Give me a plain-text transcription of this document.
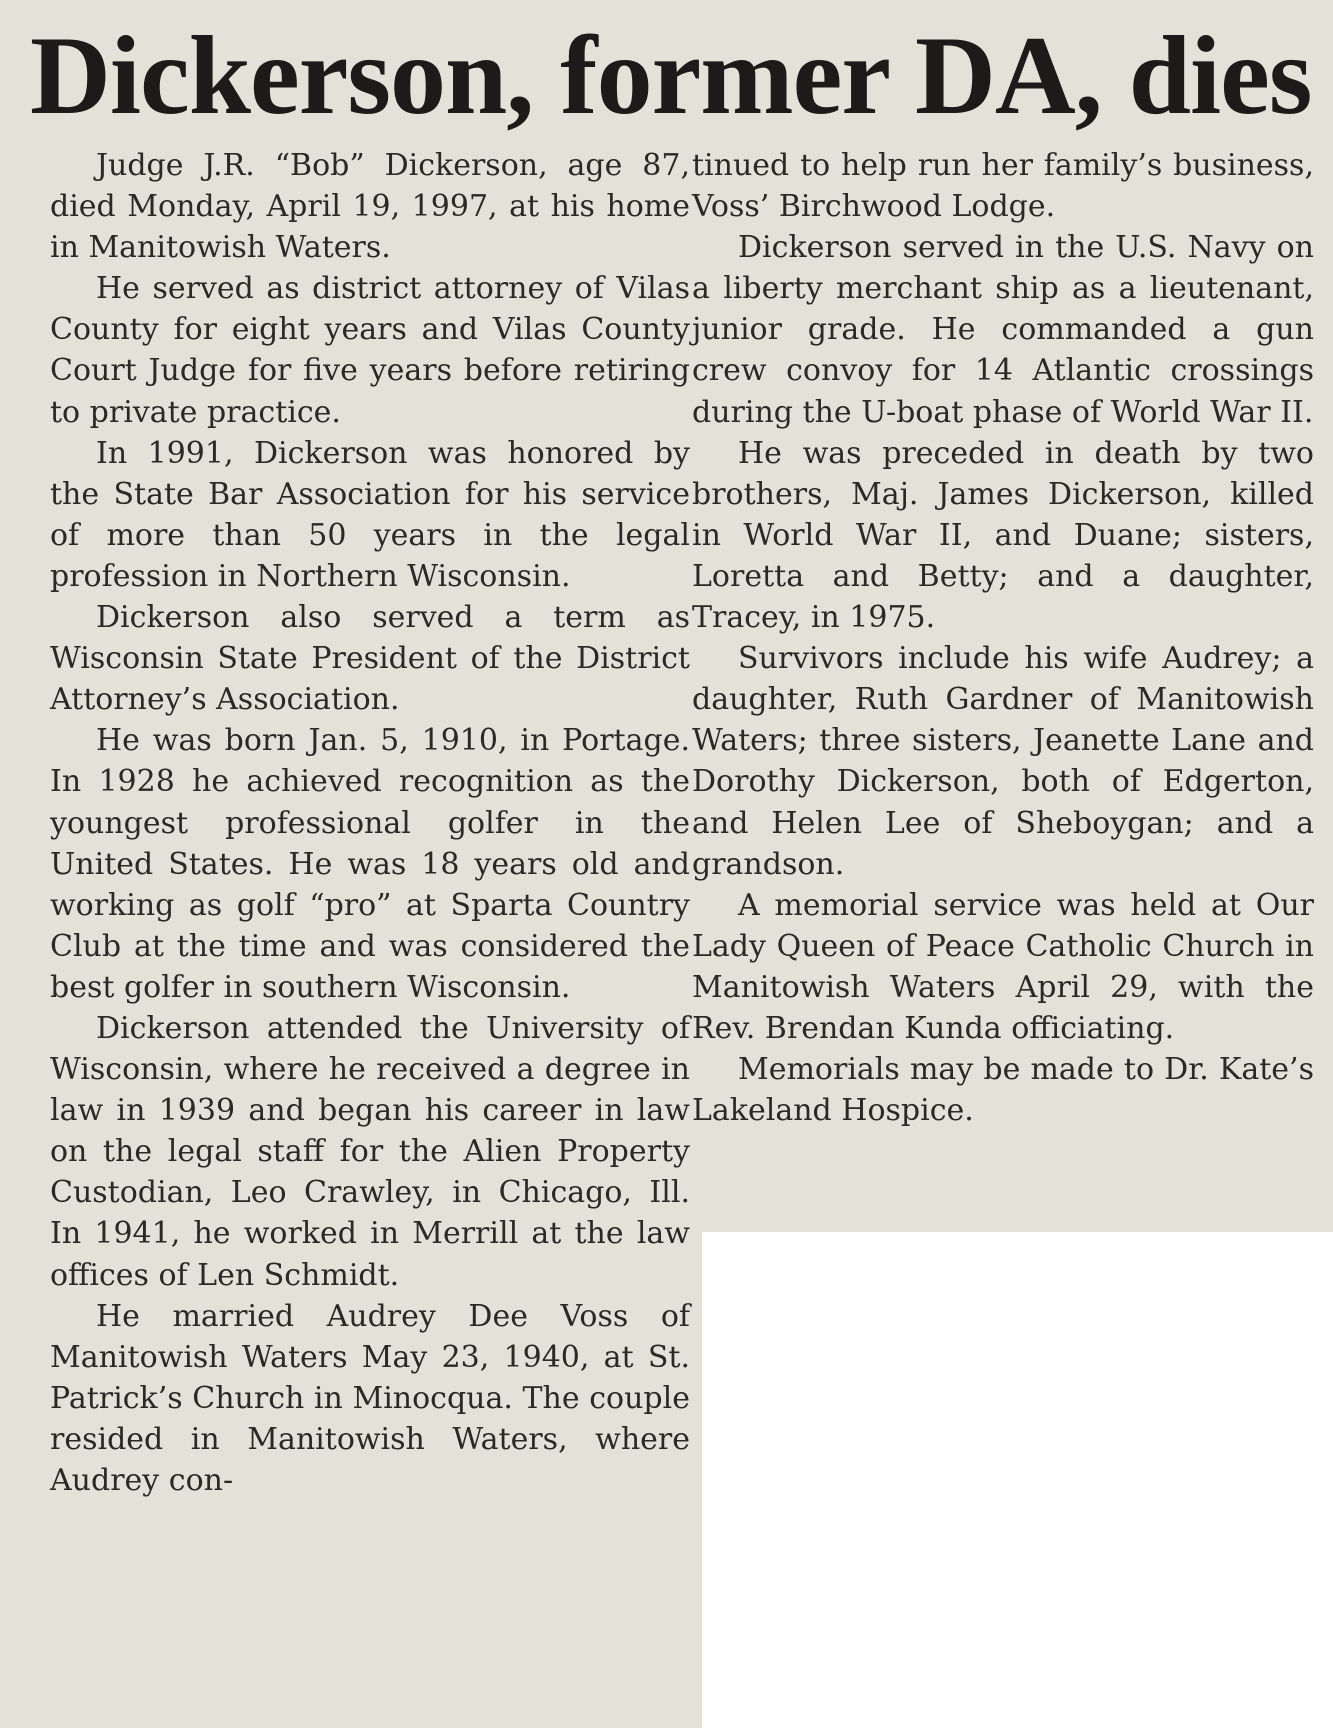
Dickerson, former DA, dies

Judge J.R. “Bob” Dickerson, age 87, died Monday, April 19, 1997, at his home in Manitowish Waters.

He served as district attorney of Vilas County for eight years and Vilas County Court Judge for five years before retiring to private practice.

In 1991, Dickerson was honored by the State Bar Association for his service of more than 50 years in the legal profession in Northern Wisconsin.

Dickerson also served a term as Wisconsin State President of the District Attorney’s Association.

He was born Jan. 5, 1910, in Portage. In 1928 he achieved recognition as the youngest professional golfer in the United States. He was 18 years old and working as golf “pro” at Sparta Country Club at the time and was considered the best golfer in southern Wisconsin.

Dickerson attended the University of Wisconsin, where he received a degree in law in 1939 and began his career in law on the legal staff for the Alien Property Custodian, Leo Crawley, in Chicago, Ill. In 1941, he worked in Merrill at the law offices of Len Schmidt.

He married Audrey Dee Voss of Manitowish Waters May 23, 1940, at St. Patrick’s Church in Minocqua. The couple resided in Manitowish Waters, where Audrey con-

tinued to help run her family’s business, Voss’ Birchwood Lodge.

Dickerson served in the U.S. Navy on a liberty merchant ship as a lieutenant, junior grade. He commanded a gun crew convoy for 14 Atlantic crossings during the U-boat phase of World War II.

He was preceded in death by two brothers, Maj. James Dickerson, killed in World War II, and Duane; sisters, Loretta and Betty; and a daughter, Tracey, in 1975.

Survivors include his wife Audrey; a daughter, Ruth Gardner of Manitowish Waters; three sisters, Jeanette Lane and Dorothy Dickerson, both of Edgerton, and Helen Lee of Sheboygan; and a grandson.

A memorial service was held at Our Lady Queen of Peace Catholic Church in Manitowish Waters April 29, with the Rev. Brendan Kunda officiating.

Memorials may be made to Dr. Kate’s Lakeland Hospice.
